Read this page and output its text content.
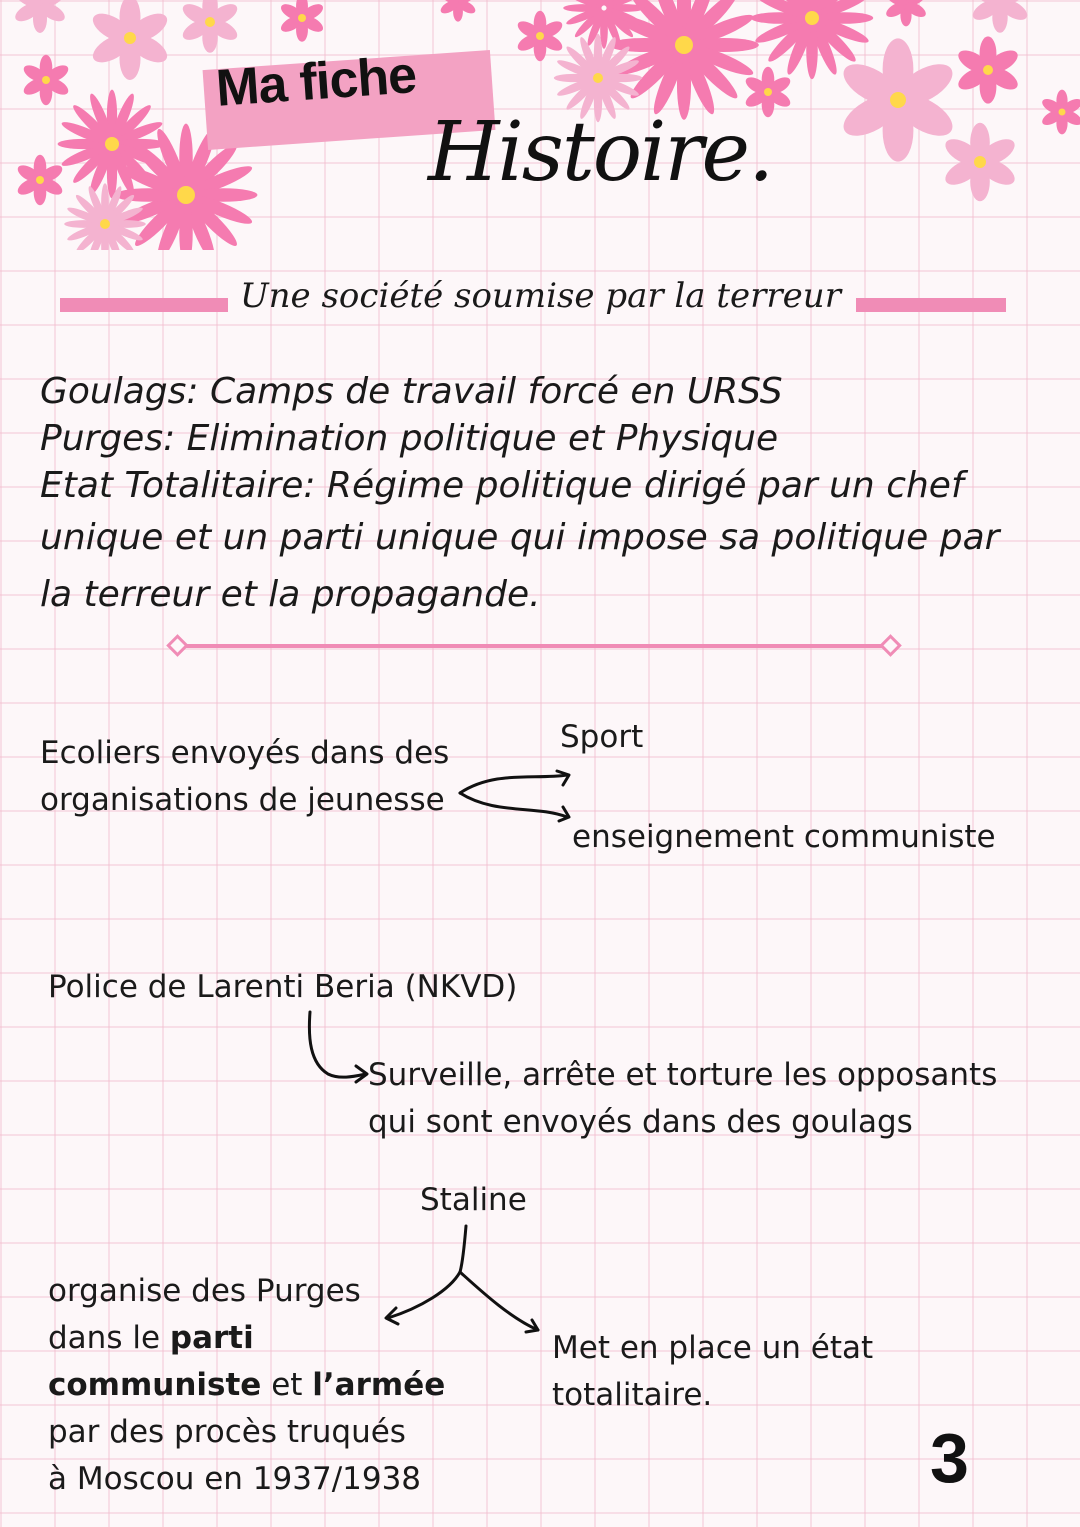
Ma fiche
Histoire.
Une société soumise par la terreur
Goulags: Camps de travail forcé en URSS
Purges: Elimination politique et Physique
Etat Totalitaire: Régime politique dirigé par un chef
unique et un parti unique qui impose sa politique par
la terreur et la propagande.
Ecoliers envoyés dans des
organisations de jeunesse
Sport
enseignement communiste
Police de Larenti Beria (NKVD)
Surveille, arrête et torture les opposants
qui sont envoyés dans des goulags
Staline
organise des Purges
dans le parti
communiste et l’armée
par des procès truqués
à Moscou en 1937/1938
Met en place un état
totalitaire.
3
